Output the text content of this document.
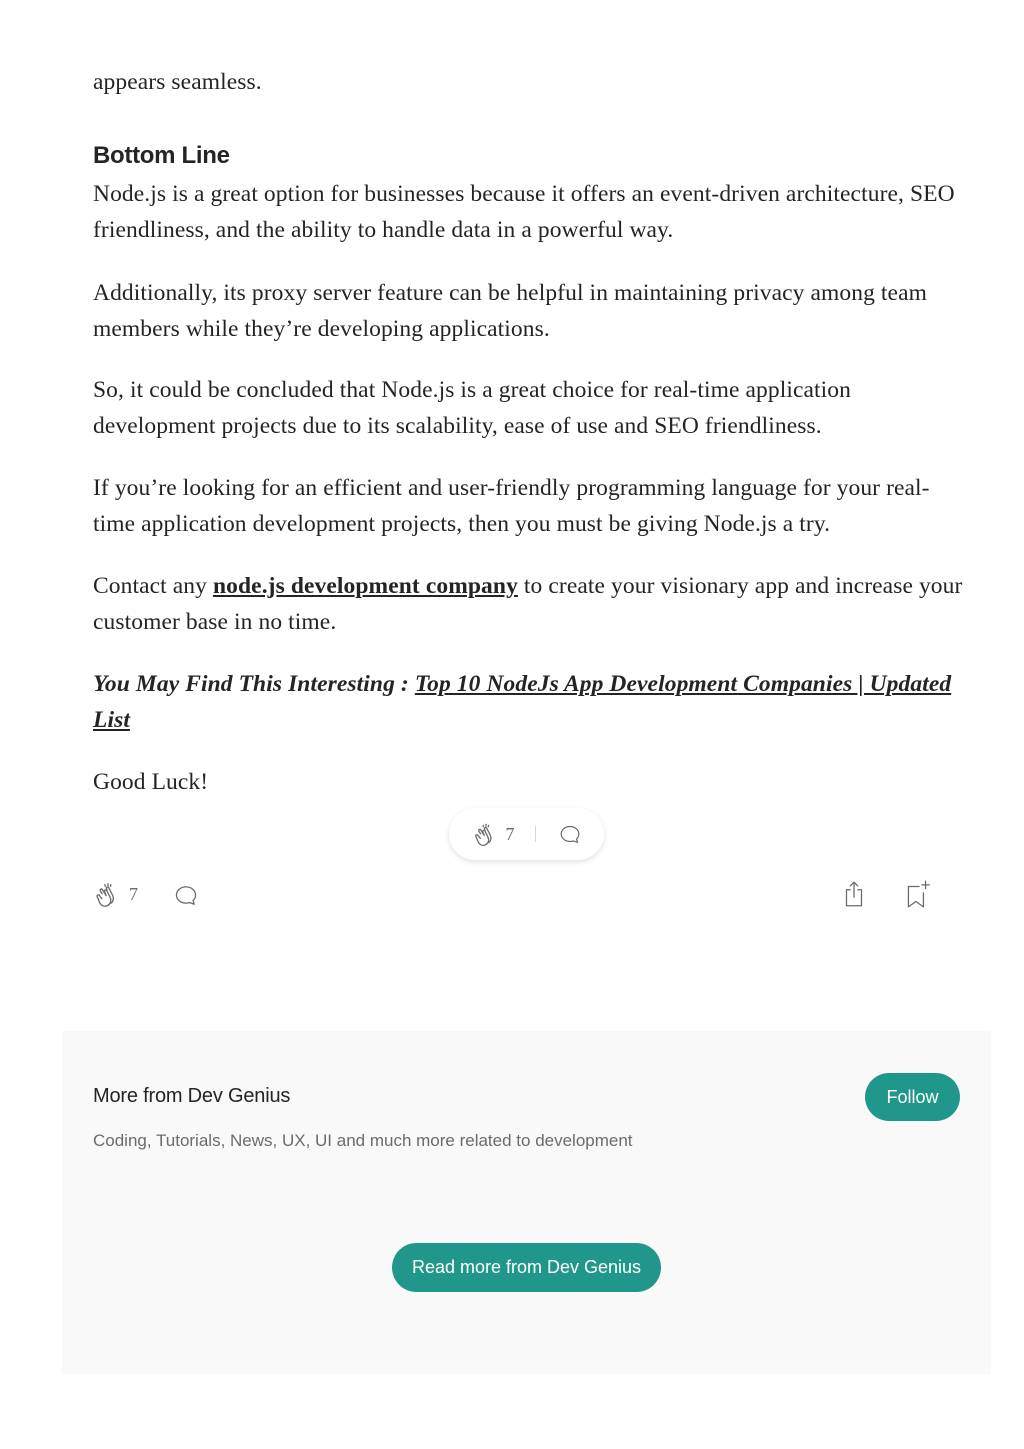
appears seamless.

Bottom Line

Node.js is a great option for businesses because it offers an event-driven architecture, SEO friendliness, and the ability to handle data in a powerful way.

Additionally, its proxy server feature can be helpful in maintaining privacy among team members while they’re developing applications.

So, it could be concluded that Node.js is a great choice for real-time application development projects due to its scalability, ease of use and SEO friendliness.

If you’re looking for an efficient and user-friendly programming language for your real-time application development projects, then you must be giving Node.js a try.

Contact any node.js development company to create your visionary app and increase your customer base in no time.

You May Find This Interesting : Top 10 NodeJs App Development Companies | Updated List

Good Luck!

7
7
More from Dev Genius

Coding, Tutorials, News, UX, UI and much more related to development

Follow
Read more from Dev Genius
